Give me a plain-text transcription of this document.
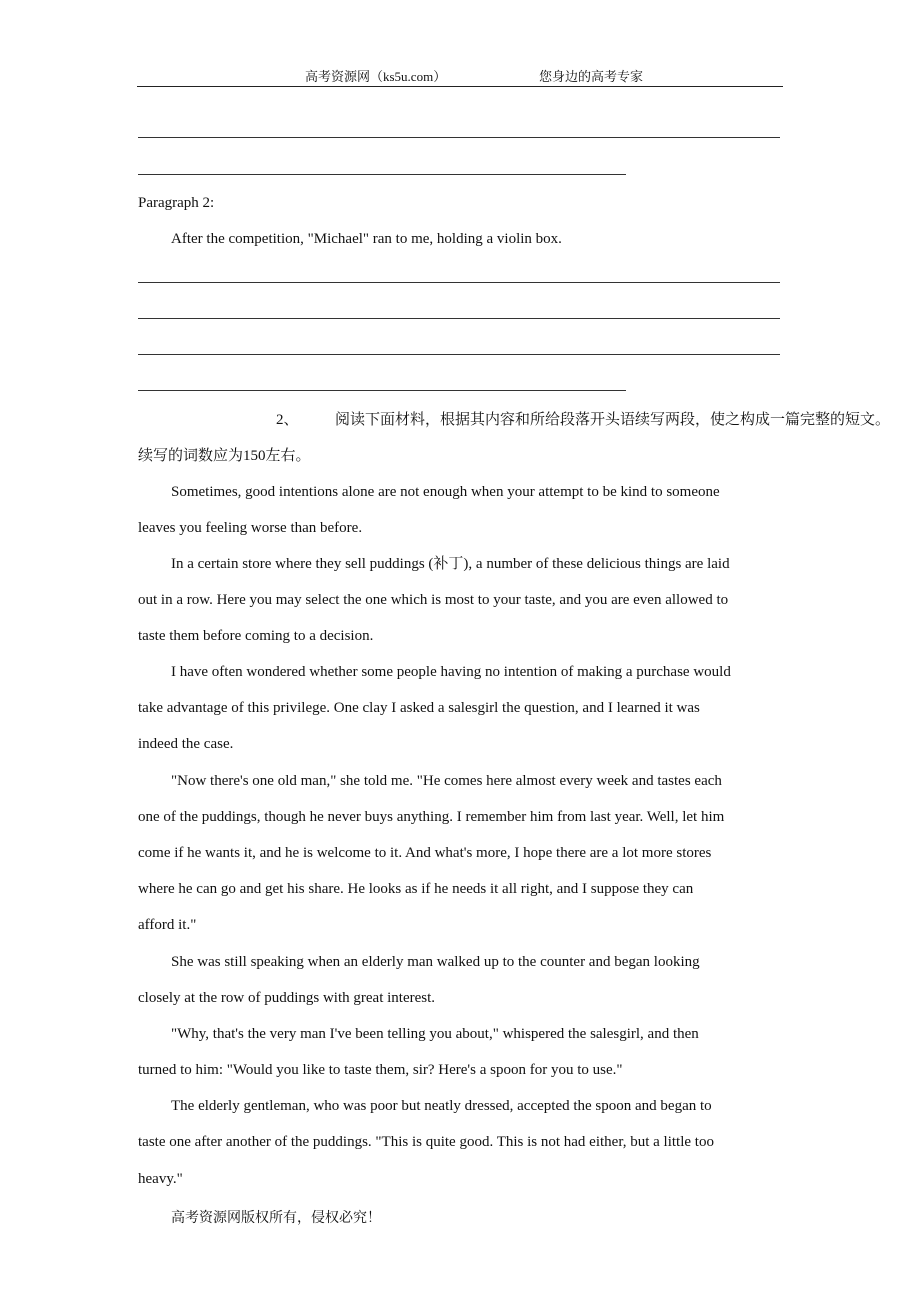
高考资源网（ks5u.com）	您身边的高考专家
Paragraph 2:
After the competition, "Michael" ran to me, holding a violin box.
2、 阅读下面材料，根据其内容和所给段落开头语续写两段，使之构成一篇完整的短文。
续写的词数应为150左右。
Sometimes, good intentions alone are not enough when your attempt to be kind to someone
leaves you feeling worse than before.
In a certain store where they sell puddings (补丁), a number of these delicious things are laid
out in a row. Here you may select the one which is most to your taste, and you are even allowed to
taste them before coming to a decision.
I have often wondered whether some people having no intention of making a purchase would
take advantage of this privilege. One clay I asked a salesgirl the question, and I learned it was
indeed the case.
"Now there's one old man," she told me. "He comes here almost every week and tastes each
one of the puddings, though he never buys anything. I remember him from last year. Well, let him
come if he wants it, and he is welcome to it. And what's more, I hope there are a lot more stores
where he can go and get his share. He looks as if he needs it all right, and I suppose they can
afford it."
She was still speaking when an elderly man walked up to the counter and began looking
closely at the row of puddings with great interest.
"Why, that's the very man I've been telling you about," whispered the salesgirl, and then
turned to him: "Would you like to taste them, sir? Here's a spoon for you to use."
The elderly gentleman, who was poor but neatly dressed, accepted the spoon and began to
taste one after another of the puddings. "This is quite good. This is not had either, but a little too
heavy."
高考资源网版权所有，侵权必究！
